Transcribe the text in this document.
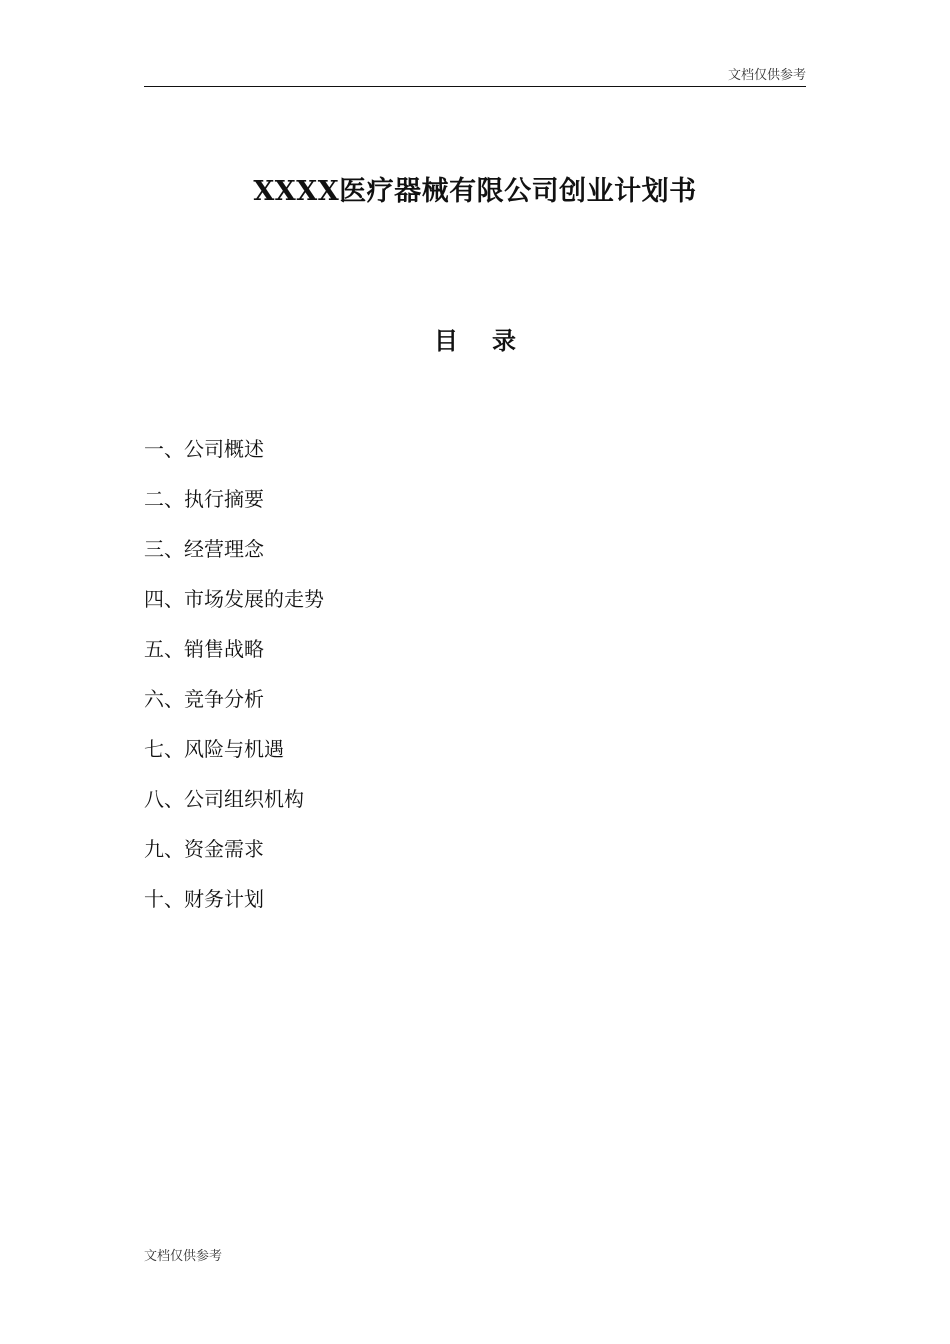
文档仅供参考
XXXX医疗器械有限公司创业计划书
目 录
一、公司概述
二、执行摘要
三、经营理念
四、市场发展的走势
五、销售战略
六、竞争分析
七、风险与机遇
八、公司组织机构
九、资金需求
十、财务计划
文档仅供参考
